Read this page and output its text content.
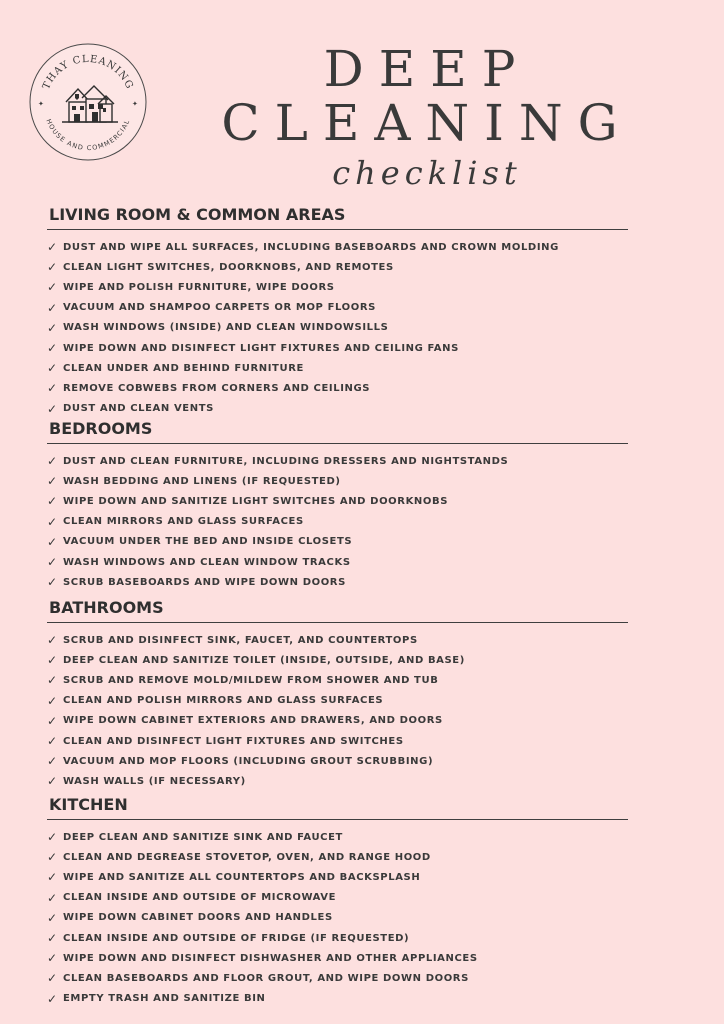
THAY CLEANING
HOUSE AND COMMERCIAL
✦	✦
DEEP
CLEANING
checklist
LIVING ROOM & COMMON AREAS
✓ DUST AND WIPE ALL SURFACES, INCLUDING BASEBOARDS AND CROWN MOLDING
✓ CLEAN LIGHT SWITCHES, DOORKNOBS, AND REMOTES
✓ WIPE AND POLISH FURNITURE, WIPE DOORS
✓ VACUUM AND SHAMPOO CARPETS OR MOP FLOORS
✓ WASH WINDOWS (INSIDE) AND CLEAN WINDOWSILLS
✓ WIPE DOWN AND DISINFECT LIGHT FIXTURES AND CEILING FANS
✓ CLEAN UNDER AND BEHIND FURNITURE
✓ REMOVE COBWEBS FROM CORNERS AND CEILINGS
✓ DUST AND CLEAN VENTS
BEDROOMS
✓ DUST AND CLEAN FURNITURE, INCLUDING DRESSERS AND NIGHTSTANDS
✓ WASH BEDDING AND LINENS (IF REQUESTED)
✓ WIPE DOWN AND SANITIZE LIGHT SWITCHES AND DOORKNOBS
✓ CLEAN MIRRORS AND GLASS SURFACES
✓ VACUUM UNDER THE BED AND INSIDE CLOSETS
✓ WASH WINDOWS AND CLEAN WINDOW TRACKS
✓ SCRUB BASEBOARDS AND WIPE DOWN DOORS
BATHROOMS
✓ SCRUB AND DISINFECT SINK, FAUCET, AND COUNTERTOPS
✓ DEEP CLEAN AND SANITIZE TOILET (INSIDE, OUTSIDE, AND BASE)
✓ SCRUB AND REMOVE MOLD/MILDEW FROM SHOWER AND TUB
✓ CLEAN AND POLISH MIRRORS AND GLASS SURFACES
✓ WIPE DOWN CABINET EXTERIORS AND DRAWERS, AND DOORS
✓ CLEAN AND DISINFECT LIGHT FIXTURES AND SWITCHES
✓ VACUUM AND MOP FLOORS (INCLUDING GROUT SCRUBBING)
✓ WASH WALLS (IF NECESSARY)
KITCHEN
✓ DEEP CLEAN AND SANITIZE SINK AND FAUCET
✓ CLEAN AND DEGREASE STOVETOP, OVEN, AND RANGE HOOD
✓ WIPE AND SANITIZE ALL COUNTERTOPS AND BACKSPLASH
✓ CLEAN INSIDE AND OUTSIDE OF MICROWAVE
✓ WIPE DOWN CABINET DOORS AND HANDLES
✓ CLEAN INSIDE AND OUTSIDE OF FRIDGE (IF REQUESTED)
✓ WIPE DOWN AND DISINFECT DISHWASHER AND OTHER APPLIANCES
✓ CLEAN BASEBOARDS AND FLOOR GROUT, AND WIPE DOWN DOORS
✓ EMPTY TRASH AND SANITIZE BIN
